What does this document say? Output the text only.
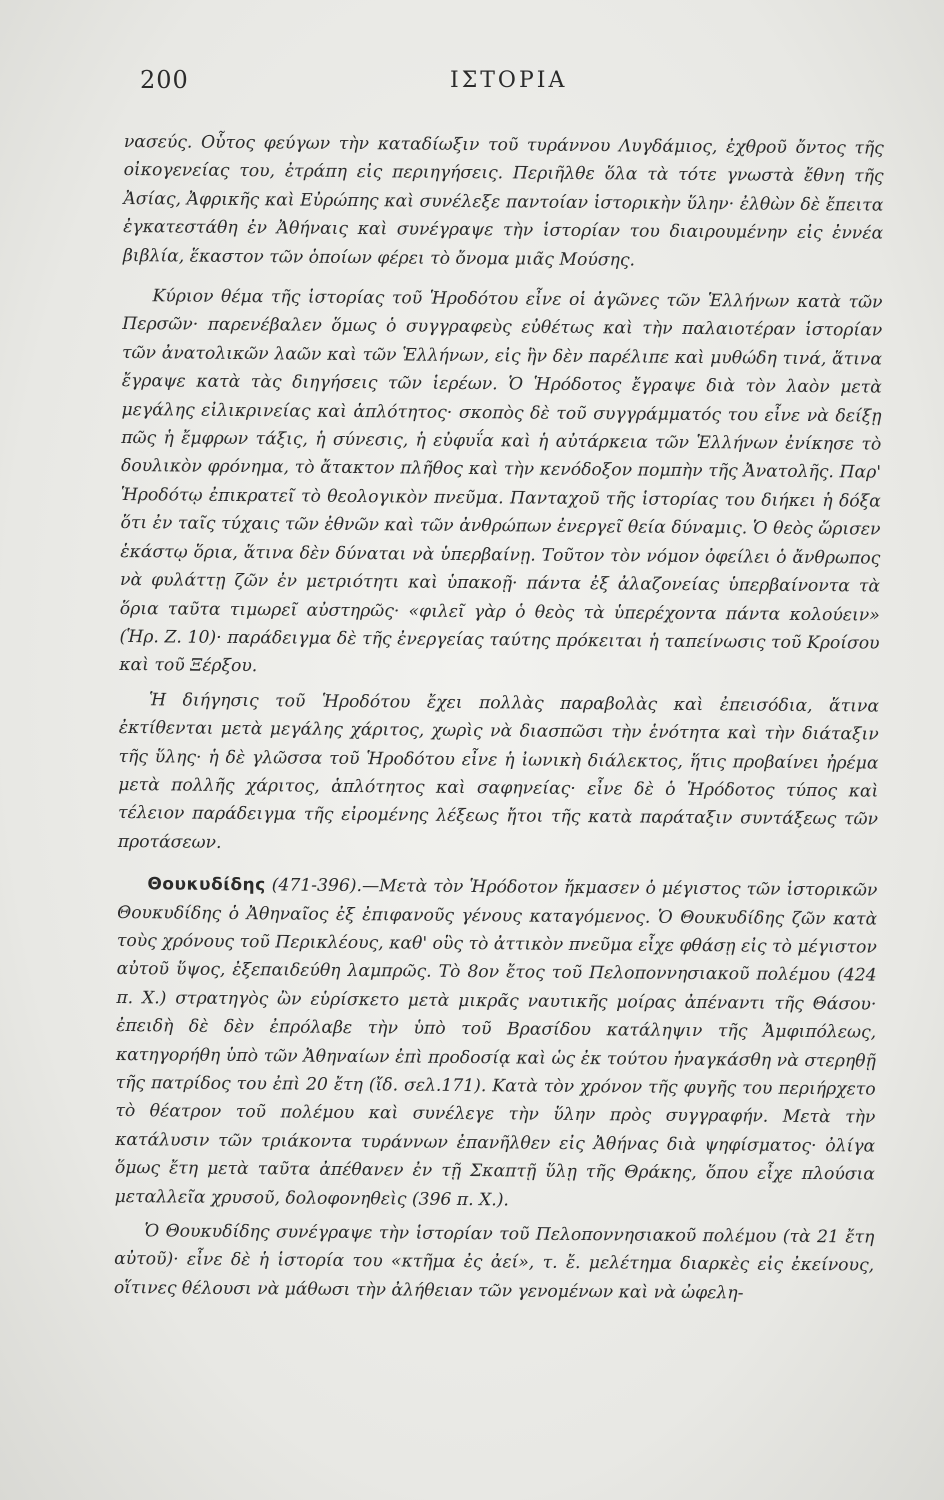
200	ΙΣΤΟΡΙΑ

νασεύς. Οὗτος φεύγων τὴν καταδίωξιν τοῦ τυράννου Λυγδάμιος, ἐχθροῦ ὄντος τῆς οἰκογενείας του, ἐτράπη εἰς περιηγήσεις. Περιῆλθε ὅλα τὰ τότε γνωστὰ ἔθνη τῆς Ἀσίας, Ἀφρικῆς καὶ Εὐρώπης καὶ συνέλεξε παντοίαν ἱστορικὴν ὕλην· ἐλθὼν δὲ ἔπειτα ἐγκατεστάθη ἐν Ἀθήναις καὶ συνέγραψε τὴν ἱστορίαν του διαιρουμένην εἰς ἐννέα βιβλία, ἕκαστον τῶν ὁποίων φέρει τὸ ὄνομα μιᾶς Μούσης.

Κύριον θέμα τῆς ἱστορίας τοῦ Ἡροδότου εἶνε οἱ ἀγῶνες τῶν Ἑλλήνων κατὰ τῶν Περσῶν· παρενέβαλεν ὅμως ὁ συγγραφεὺς εὐθέτως καὶ τὴν παλαιοτέραν ἱστορίαν τῶν ἀνατολικῶν λαῶν καὶ τῶν Ἑλλήνων, εἰς ἣν δὲν παρέλιπε καὶ μυθώδη τινά, ἅτινα ἔγραψε κατὰ τὰς διηγήσεις τῶν ἱερέων. Ὁ Ἡρόδοτος ἔγραψε διὰ τὸν λαὸν μετὰ μεγάλης εἰλικρινείας καὶ ἁπλότητος· σκοπὸς δὲ τοῦ συγγράμματός του εἶνε νὰ δείξῃ πῶς ἡ ἔμφρων τάξις, ἡ σύνεσις, ἡ εὐφυΐα καὶ ἡ αὐτάρκεια τῶν Ἑλλήνων ἐνίκησε τὸ δουλικὸν φρόνημα, τὸ ἄτακτον πλῆθος καὶ τὴν κενόδοξον πομπὴν τῆς Ἀνατολῆς. Παρ' Ἡροδότῳ ἐπικρατεῖ τὸ θεολογικὸν πνεῦμα. Πανταχοῦ τῆς ἱστορίας του διήκει ἡ δόξα ὅτι ἐν ταῖς τύχαις τῶν ἐθνῶν καὶ τῶν ἀνθρώπων ἐνεργεῖ θεία δύναμις. Ὁ θεὸς ὥρισεν ἑκάστῳ ὅρια, ἅτινα δὲν δύναται νὰ ὑπερβαίνῃ. Τοῦτον τὸν νόμον ὀφείλει ὁ ἄνθρωπος νὰ φυλάττῃ ζῶν ἐν μετριότητι καὶ ὑπακοῇ· πάντα ἐξ ἀλαζονείας ὑπερβαίνοντα τὰ ὅρια ταῦτα τιμωρεῖ αὐστηρῶς· «φιλεῖ γὰρ ὁ θεὸς τὰ ὑπερέχοντα πάντα κολούειν» (Ἡρ. Ζ. 10)· παράδειγμα δὲ τῆς ἐνεργείας ταύτης πρόκειται ἡ ταπείνωσις τοῦ Κροίσου καὶ τοῦ Ξέρξου.

Ἡ διήγησις τοῦ Ἡροδότου ἔχει πολλὰς παραβολὰς καὶ ἐπεισόδια, ἅτινα ἐκτίθενται μετὰ μεγάλης χάριτος, χωρὶς νὰ διασπῶσι τὴν ἑνότητα καὶ τὴν διάταξιν τῆς ὕλης· ἡ δὲ γλῶσσα τοῦ Ἡροδότου εἶνε ἡ ἰωνικὴ διάλεκτος, ἥτις προβαίνει ἠρέμα μετὰ πολλῆς χάριτος, ἁπλότητος καὶ σαφηνείας· εἶνε δὲ ὁ Ἡρόδοτος τύπος καὶ τέλειον παράδειγμα τῆς εἰρομένης λέξεως ἤτοι τῆς κατὰ παράταξιν συντάξεως τῶν προτάσεων.

Θουκυδίδης (471-396).—Μετὰ τὸν Ἡρόδοτον ἤκμασεν ὁ μέγιστος τῶν ἱστορικῶν Θουκυδίδης ὁ Ἀθηναῖος ἐξ ἐπιφανοῦς γένους καταγόμενος. Ὁ Θουκυδίδης ζῶν κατὰ τοὺς χρόνους τοῦ Περικλέους, καθ' οὓς τὸ ἀττικὸν πνεῦμα εἶχε φθάσῃ εἰς τὸ μέγιστον αὐτοῦ ὕψος, ἐξεπαιδεύθη λαμπρῶς. Τὸ 8ον ἔτος τοῦ Πελοποννησιακοῦ πολέμου (424 π. Χ.) στρατηγὸς ὢν εὑρίσκετο μετὰ μικρᾶς ναυτικῆς μοίρας ἀπέναντι τῆς Θάσου· ἐπειδὴ δὲ δὲν ἐπρόλαβε τὴν ὑπὸ τοῦ Βρασίδου κατάληψιν τῆς Ἀμφιπόλεως, κατηγορήθη ὑπὸ τῶν Ἀθηναίων ἐπὶ προδοσίᾳ καὶ ὡς ἐκ τούτου ἠναγκάσθη νὰ στερηθῇ τῆς πατρίδος του ἐπὶ 20 ἔτη (ἴδ. σελ.171). Κατὰ τὸν χρόνον τῆς φυγῆς του περιήρχετο τὸ θέατρον τοῦ πολέμου καὶ συνέλεγε τὴν ὕλην πρὸς συγγραφήν. Μετὰ τὴν κατάλυσιν τῶν τριάκοντα τυράννων ἐπανῆλθεν εἰς Ἀθήνας διὰ ψηφίσματος· ὀλίγα ὅμως ἔτη μετὰ ταῦτα ἀπέθανεν ἐν τῇ Σκαπτῇ ὕλῃ τῆς Θράκης, ὅπου εἶχε πλούσια μεταλλεῖα χρυσοῦ, δολοφονηθεὶς (396 π. Χ.).

Ὁ Θουκυδίδης συνέγραψε τὴν ἱστορίαν τοῦ Πελοποννησιακοῦ πολέμου (τὰ 21 ἔτη αὐτοῦ)· εἶνε δὲ ἡ ἱστορία του «κτῆμα ἐς ἀεί», τ. ἔ. μελέτημα διαρκὲς εἰς ἐκείνους, οἵτινες θέλουσι νὰ μάθωσι τὴν ἀλήθειαν τῶν γενομένων καὶ νὰ ὠφελη-
